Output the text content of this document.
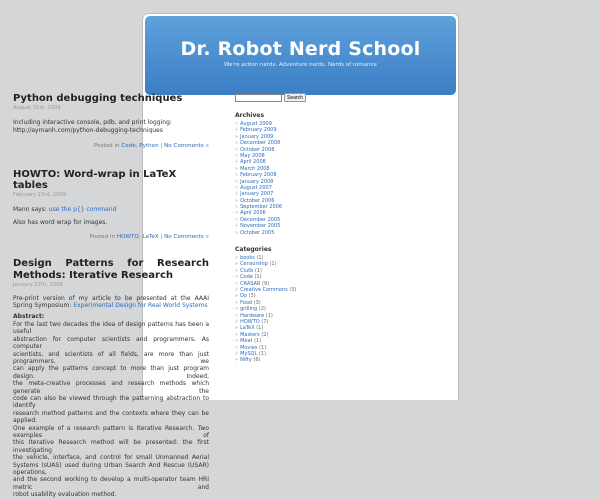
Dr. Robot Nerd School
We're action nerds. Adventure nerds. Nerds of romance
Python debugging techniques
August 31st, 2009

Including interactive console, pdb, and print logging:
http://aymanh.com/python-debugging-techniques

Posted in Code, Python | No Comments »
HOWTO: Word-wrap in LaTeX tables
February 23rd, 2009

Mann says: use the p{} command

Also has word wrap for images.

Posted in HOWTO, LaTeX | No Comments »
Design Patterns for Research Methods: Iterative Research
January 27th, 2009

Pre-print version of my article to be presented at the AAAI Spring Symposium: Experimental Design for Real World Systems

Abstract:

For the last two decades the idea of design patterns has been a useful
abstraction for computer scientists and programmers. As computer
scientists, and scientists of all fields, are more than just programmers, we
can apply the patterns concept to more than just program design. Indeed,
the meta-creative processes and research methods which generate the
code can also be viewed through the patterning abstraction to identify
research method patterns and the contexts where they can be applied.
One example of a research pattern is Iterative Research. Two examples of
this Iterative Research method will be presented: the first investigating
the vehicle, interface, and control for small Unmanned Aerial
Systems (sUAS) used during Urban Search And Rescue (USAR) operations,
and the second working to develop a multi-operator team HRI metric and
robot usability evaluation method.
Search
Archives
» August 2009
» February 2009
» January 2009
» December 2008
» October 2008
» May 2008
» April 2008
» March 2008
» February 2008
» January 2008
» August 2007
» January 2007
» October 2006
» September 2006
» April 2006
» December 2005
» November 2005
» October 2005
Categories
» books (1)
» Censorship (1)
» Clutb (1)
» Code (1)
» CRASAR (9)
» Creative Commons (3)
» Do (3)
» Food (3)
» grilling (2)
» Hardware (1)
» HOWTO (7)
» LaTeX (1)
» Masters (2)
» Meat (1)
» Movies (1)
» MySQL (1)
» Nifty (6)
